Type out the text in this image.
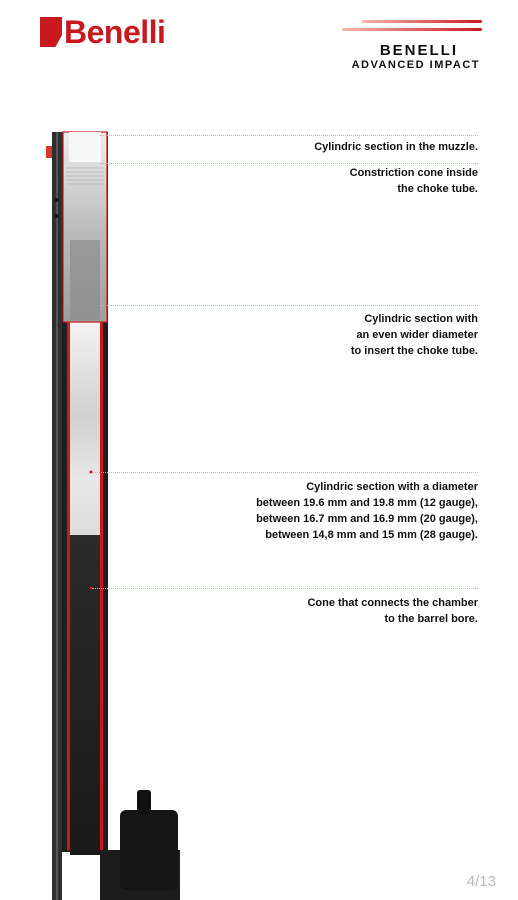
Benelli
BENELLI
ADVANCED IMPACT
Cylindric section in the muzzle.
Constriction cone inside
the choke tube.
Cylindric section with
an even wider diameter
to insert the choke tube.
Cylindric section with a diameter
between 19.6 mm and 19.8 mm (12 gauge),
between 16.7 mm and 16.9 mm (20 gauge),
between 14,8 mm and 15 mm (28 gauge).
Cone that connects the chamber
to the barrel bore.
4/13
